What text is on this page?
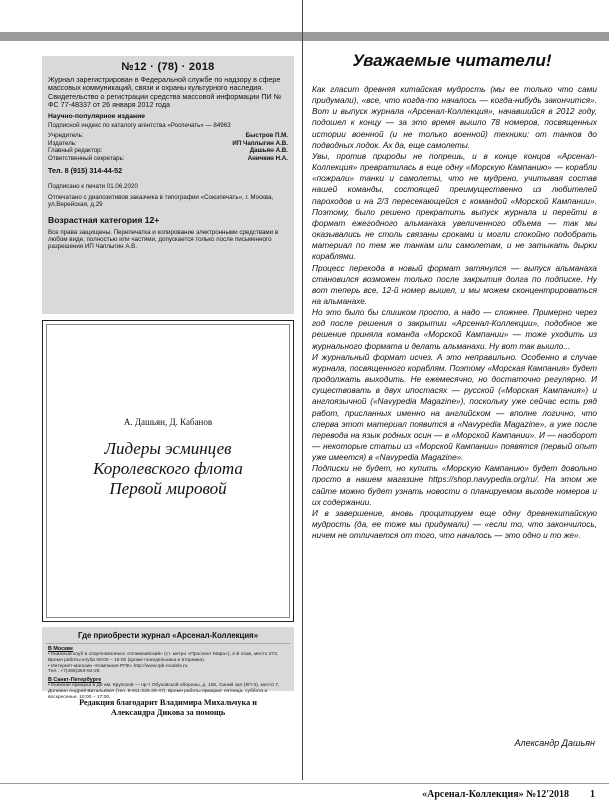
№12 · (78) · 2018
Журнал зарегистрирован в Федеральной службе по надзору в сфере массовых коммуникаций, связи и охраны культурного наследия. Свидетельство о регистрации средства массовой информации ПИ № ФС 77-48337 от 26 января 2012 года
Научно-популярное издание
Подписной индекс по каталогу агентства «Роспечать» — 84963
Учредитель:	Быстров П.М.
Издатель:	ИП Чаплыгин А.В.
Главный редактор:	Дашьян А.В.
Ответственный секретарь:	Аничкин Н.А.
Тел. 8 (915) 314-44-52
Подписано к печати 01.06.2020
Отпечатано с диапозитивов заказчика в типографии «Союзпечать», г. Москва, ул.Верейская, д.29
Возрастная категория 12+
Все права защищены. Перепечатка и копирование электронными средствами в любом виде, полностью или частями, допускается только после письменного разрешения ИП Чаплыгин А.В.
А. Дашьян, Д. Кабанов
Лидеры эсминцев
Королевского флота
Первой мировой
Где приобрести журнал «Арсенал-Коллекция»
В Москве
• Книжный клуб в спорткомплексе «Олимпийский» (ст. метро «Проспект Мира»), 2-й этаж, место 274. Время работы клуба 09:00 – 15:00 (кроме понедельника и вторника).
• Интернет-магазин «Компания РПК» http://www.rpk-models.ru
Тел.: +7(495)363-62-29
В Санкт-Петербурге
• Книжная ярмарка в ДК им. Крупской — пр-т Обуховской обороны, д. 105, Синий зал (КП-3), место 7, Долинин Андрей Витальевич (тел. 8-911-225-28-47). Время работы ярмарки: пятница, суббота и воскресенье, 10:00 – 17:00.
Редакция благодарит Владимира Михальчука и
Александра Дикова за помощь
Уважаемые читатели!

Как гласит древняя китайская мудрость (мы ее только что сами придумали), «все, что когда-то началось — когда-нибудь закончится». Вот и выпуск журнала «Арсенал-Коллекция», начавшийся в 2012 году, подошел к концу — за это время вышло 78 номеров, посвященных истории военной (и не только военной) техники: от танков до подводных лодок. Ах да, еще самолеты.

Увы, против природы не попрешь, и в конце концов «Арсенал-Коллекция» превратилась в еще одну «Морскую Кампанию» — корабли «пожрали» танки и самолеты, что не мудрено, учитывая состав нашей команды, состоящей преимущественно из любителей пароходов и на 2/3 пересекающейся с командой «Морской Кампании». Поэтому, было решено прекратить выпуск журнала и перейти в формат ежегодного альманаха увеличенного объема — так мы оказывались не столь связаны сроками и могли спокойно подобрать материал по тем же танкам или самолетам, и не затыкать дырки кораблями.

Процесс перехода в новый формат затянулся — выпуск альманаха становился возможен только после закрытия долга по подписке. Ну вот теперь все, 12-й номер вышел, и мы можем сконцентрироваться на альманахе.

Но это было бы слишком просто, а надо — сложнее. Примерно через год после решения о закрытии «Арсенал-Коллекции», подобное же решение приняла команда «Морской Кампании» — тоже уходить из журнального формата и делать альманахи. Ну вот так вышло...

И журнальный формат исчез. А это неправильно. Особенно в случае журнала, посвященного кораблям. Поэтому «Морская Кампания» будет продолжать выходить. Не ежемесячно, но достаточно регулярно. И существовать в двух ипостасях — русской («Морская Кампания») и англоязычной («Navypedia Magazine»), поскольку уже сейчас есть ряд работ, присланных именно на английском — вполне логично, что сперва этот материал появится в «Navypedia Magazine», а уже после перевода на язык родных осин — в «Морской Кампании». И — наоборот — некоторые статьи из «Морской Кампании» появятся (первый опыт уже имеется) в «Navypedia Magazine».

Подписки не будет, но купить «Морскую Кампанию» будет довольно просто в нашем магазине https://shop.navypedia.org/ru/. На этом же сайте можно будет узнать новости о планируемом выходе номеров и их содержании.

И в завершение, вновь процитируем еще одну древнекитайскую мудрость (да, ее тоже мы придумали) — «если то, что закончилось, ничем не отличается от того, что началось — это одно и то же».

Александр Дашьян
«Арсенал-Коллекция» №12'2018 1
